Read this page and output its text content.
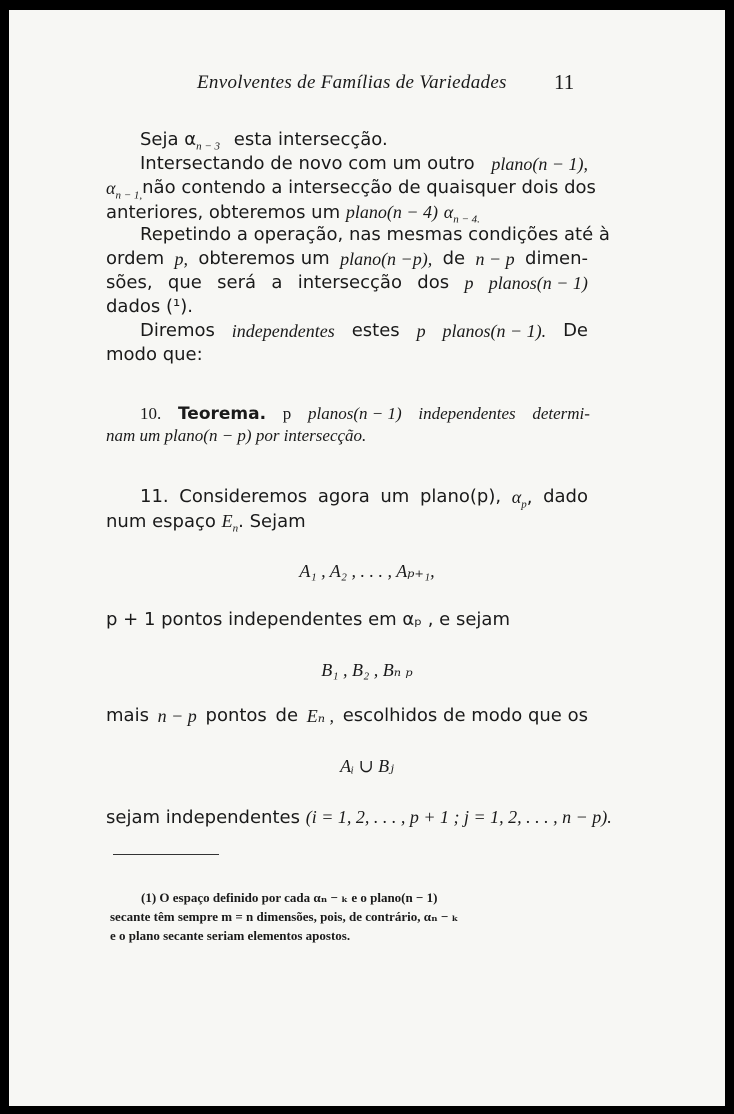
Envolventes de Famílias de Variedades 11
Seja $\alpha_{n - 3}$ esta intersecção.
Intersectando de novo com um outro plano(n − 1),
$\alpha_{n - 1,}$ não contendo a intersecção de quaisquer dois dos
anteriores, obteremos um plano(n − 4) $\alpha_{n - 4.}$
Repetindo a operação, nas mesmas condições até à
ordem p, obteremos um plano(n −p), de n − p dimen-
sões, que será a intersecção dos p planos(n − 1)
dados (¹).
Diremos independentes estes p planos(n − 1). De
modo que:
10. Teorema. p planos(n − 1) independentes determi-
nam um plano(n − p) por intersecção.
11. Consideremos agora um plano(p), $\alpha_p$, dado
num espaço $E_n$. Sejam
A₁ , A₂ , . . . , Aₚ₊₁,
p + 1 pontos independentes em αₚ , e sejam
B₁ , B₂ , Bₙ ₚ
mais n − p pontos de Eₙ , escolhidos de modo que os
Aᵢ ∪ Bⱼ
sejam independentes (i = 1, 2, . . . , p + 1 ; j = 1, 2, . . . , n − p).
(1) O espaço definido por cada αₙ − ₖ e o plano(n − 1)
secante têm sempre m = n dimensões, pois, de contrário, αₙ − ₖ
e o plano secante seriam elementos apostos.
